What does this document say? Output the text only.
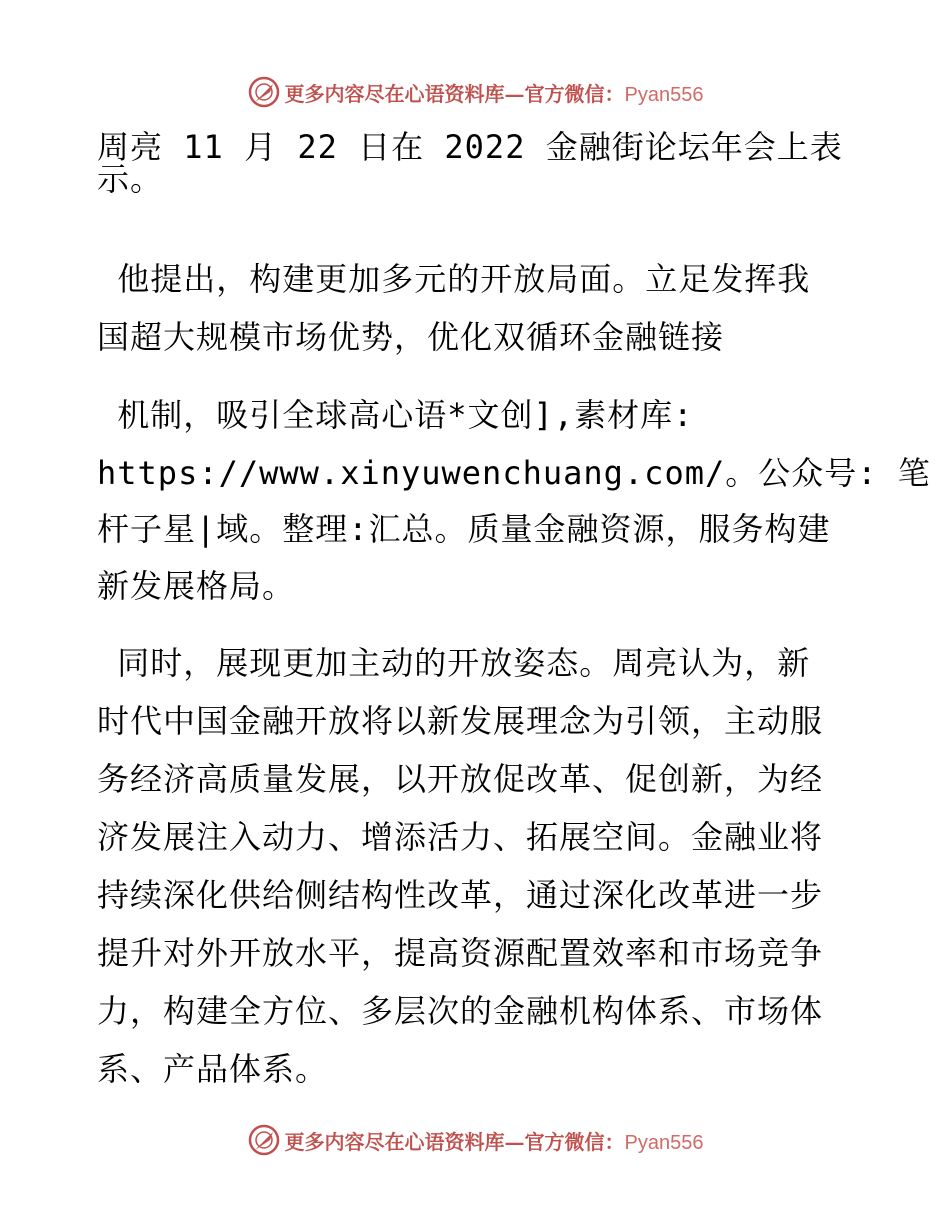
更多内容尽在心语资料库—官方微信：Pyan556
周亮 11 月 22 日在 2022 金融街论坛年会上表
示。
他提出，构建更加多元的开放局面。立足发挥我
国超大规模市场优势，优化双循环金融链接
机制，吸引全球高心语*文创],素材库:
https://www.xinyuwenchuang.com/。公众号: 笔
杆子星|域。整理:汇总。质量金融资源，服务构建
新发展格局。
同时，展现更加主动的开放姿态。周亮认为，新
时代中国金融开放将以新发展理念为引领，主动服
务经济高质量发展，以开放促改革、促创新，为经
济发展注入动力、增添活力、拓展空间。金融业将
持续深化供给侧结构性改革，通过深化改革进一步
提升对外开放水平，提高资源配置效率和市场竞争
力，构建全方位、多层次的金融机构体系、市场体
系、产品体系。
更多内容尽在心语资料库—官方微信：Pyan556
